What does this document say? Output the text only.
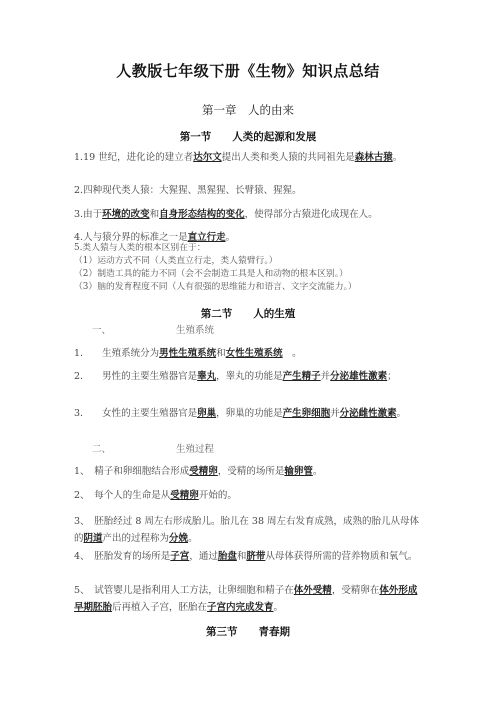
人教版七年级下册《生物》知识点总结
第一章　人的由来
第一节　　人类的起源和发展
1.19 世纪，进化论的建立者达尔文提出人类和类人猿的共同祖先是森林古猿。
2.四种现代类人猿：大猩猩、黑猩猩、长臂猿、猩猩。
3.由于环境的改变和自身形态结构的变化，使得部分古猿进化成现在人。
4.人与猿分界的标准之一是直立行走。
5.类人猿与人类的根本区别在于：
（1）运动方式不同（人类直立行走，类人猿臂行。）
（2）制造工具的能力不同（会不会制造工具是人和动物的根本区别。）
（3）脑的发育程度不同（人有很强的思维能力和语言、文字交流能力。）
第二节　　人的生殖
一、	生殖系统
1.　　生殖系统分为男性生殖系统和女性生殖系统　。
2.　　男性的主要生殖器官是睾丸，睾丸的功能是产生精子并分泌雄性激素；
3.　　女性的主要生殖器官是卵巢，卵巢的功能是产生卵细胞并分泌雌性激素。
二、	生殖过程
1、　精子和卵细胞结合形成受精卵，受精的场所是输卵管。
2、　每个人的生命是从受精卵开始的。
3、　胚胎经过 8 周左右形成胎儿。胎儿在 38 周左右发育成熟，成熟的胎儿从母体的阴道产出的过程称为分娩。
4、　胚胎发育的场所是子宫，通过胎盘和脐带从母体获得所需的营养物质和氧气。
5、　试管婴儿是指利用人工方法，让卵细胞和精子在体外受精，受精卵在体外形成早期胚胎后再植入子宫，胚胎在子宫内完成发育。
第三节　　青春期
